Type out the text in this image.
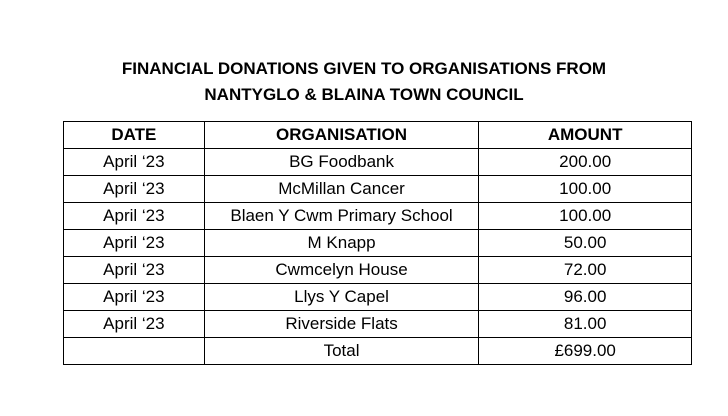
FINANCIAL DONATIONS GIVEN TO ORGANISATIONS FROM
NANTYGLO & BLAINA TOWN COUNCIL
DATE	ORGANISATION	AMOUNT
April ‘23	BG Foodbank	200.00
April ‘23	McMillan Cancer	100.00
April ‘23	Blaen Y Cwm Primary School	100.00
April ‘23	M Knapp	50.00
April ‘23	Cwmcelyn House	72.00
April ‘23	Llys Y Capel	96.00
April ‘23	Riverside Flats	81.00
	Total	£699.00
